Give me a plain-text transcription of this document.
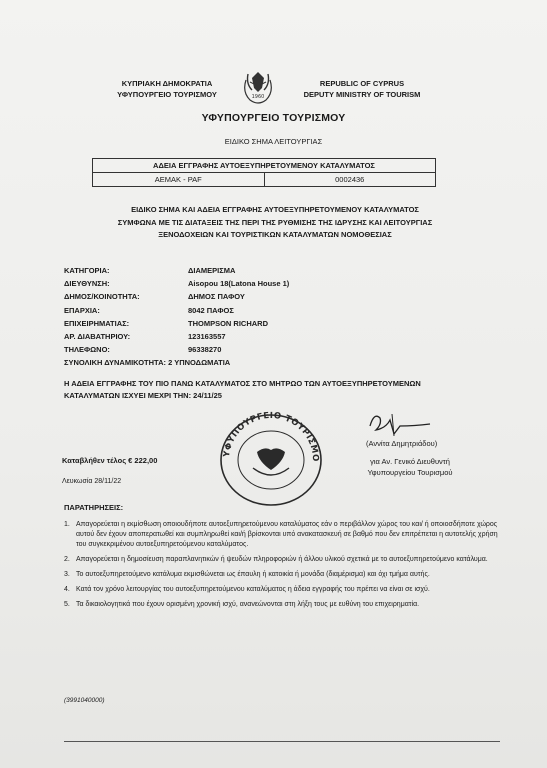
ΚΥΠΡΙΑΚΗ ΔΗΜΟΚΡΑΤΙΑ
ΥΦΥΠΟΥΡΓΕΙΟ ΤΟΥΡΙΣΜΟΥ	1960
REPUBLIC OF CYPRUS
DEPUTY MINISTRY OF TOURISM
ΥΦΥΠΟΥΡΓΕΙΟ ΤΟΥΡΙΣΜΟΥ
ΕΙΔΙΚΟ ΣΗΜΑ ΛΕΙΤΟΥΡΓΙΑΣ
ΑΔΕΙΑ ΕΓΓΡΑΦΗΣ ΑΥΤΟΕΞΥΠΗΡΕΤΟΥΜΕΝΟΥ ΚΑΤΑΛΥΜΑΤΟΣ
ΑΕΜΑΚ - PAF	0002436
ΕΙΔΙΚΟ ΣΗΜΑ ΚΑΙ ΑΔΕΙΑ ΕΓΓΡΑΦΗΣ ΑΥΤΟΕΞΥΠΗΡΕΤΟΥΜΕΝΟΥ ΚΑΤΑΛΥΜΑΤΟΣ
ΣΥΜΦΩΝΑ ΜΕ ΤΙΣ ΔΙΑΤΑΞΕΙΣ ΤΗΣ ΠΕΡΙ ΤΗΣ ΡΥΘΜΙΣΗΣ ΤΗΣ ΙΔΡΥΣΗΣ ΚΑΙ ΛΕΙΤΟΥΡΓΙΑΣ
ΞΕΝΟΔΟΧΕΙΩΝ ΚΑΙ ΤΟΥΡΙΣΤΙΚΩΝ ΚΑΤΑΛΥΜΑΤΩΝ ΝΟΜΟΘΕΣΙΑΣ
ΚΑΤΗΓΟΡΙΑ:	ΔΙΑΜΕΡΙΣΜΑ
ΔΙΕΥΘΥΝΣΗ:	Aisopou 18(Latona House 1)
ΔΗΜΟΣ/ΚΟΙΝΟΤΗΤΑ:	ΔΗΜΟΣ ΠΑΦΟΥ
ΕΠΑΡΧΙΑ:	8042 ΠΑΦΟΣ
ΕΠΙΧΕΙΡΗΜΑΤΙΑΣ:	THOMPSON RICHARD
ΑΡ. ΔΙΑΒΑΤΗΡΙΟΥ:	123163557
ΤΗΛΕΦΩΝΟ:	96338270
ΣΥΝΟΛΙΚΗ ΔΥΝΑΜΙΚΟΤΗΤΑ:
2 ΥΠΝΟΔΩΜΑΤΙΑ
Η ΑΔΕΙΑ ΕΓΓΡΑΦΗΣ ΤΟΥ ΠΙΟ ΠΑΝΩ ΚΑΤΑΛΥΜΑΤΟΣ ΣΤΟ ΜΗΤΡΩΟ ΤΩΝ ΑΥΤΟΕΞΥΠΗΡΕΤΟΥΜΕΝΩΝ
ΚΑΤΑΛΥΜΑΤΩΝ ΙΣΧΥΕΙ ΜΕΧΡΙ ΤΗΝ: 24/11/25
ΥΦΥΠΟΥΡΓΕΙΟ ΤΟΥΡΙΣΜΟ
(Αννίτα Δημητριάδου)
για Αν. Γενικό Διευθυντή
Υφυπουργείου Τουρισμού
Καταβλήθεν τέλος € 222,00
Λευκωσία 28/11/22
ΠΑΡΑΤΗΡΗΣΕΙΣ:
1. Απαγορεύεται η εκμίσθωση οποιουδήποτε αυτοεξυπηρετούμενου καταλύματος εάν ο περιβάλλον χώρος του και/ ή οποιοσδήποτε χώρος αυτού δεν έχουν αποπερατωθεί και συμπληρωθεί και/ή βρίσκονται υπό ανακατασκευή σε βαθμό που δεν επιτρέπεται η αυτοτελής χρήση του συγκεκριμένου αυτοεξυπηρετούμενου καταλύματος.
2. Απαγορεύεται η δημοσίευση παραπλανητικών ή ψευδών πληροφοριών ή άλλου υλικού σχετικά με το αυτοεξυπηρετούμενο κατάλυμα.
3. Το αυτοεξυπηρετούμενο κατάλυμα εκμισθώνεται ως έπαυλη ή κατοικία ή μονάδα (διαμέρισμα) και όχι τμήμα αυτής.
4. Κατά τον χρόνο λειτουργίας του αυτοεξυπηρετούμενου καταλύματος η άδεια εγγραφής του πρέπει να είναι σε ισχύ.
5. Τα δικαιολογητικά που έχουν ορισμένη χρονική ισχύ, ανανεώνονται στη λήξη τους με ευθύνη του επιχειρηματία.
(3991040000)
